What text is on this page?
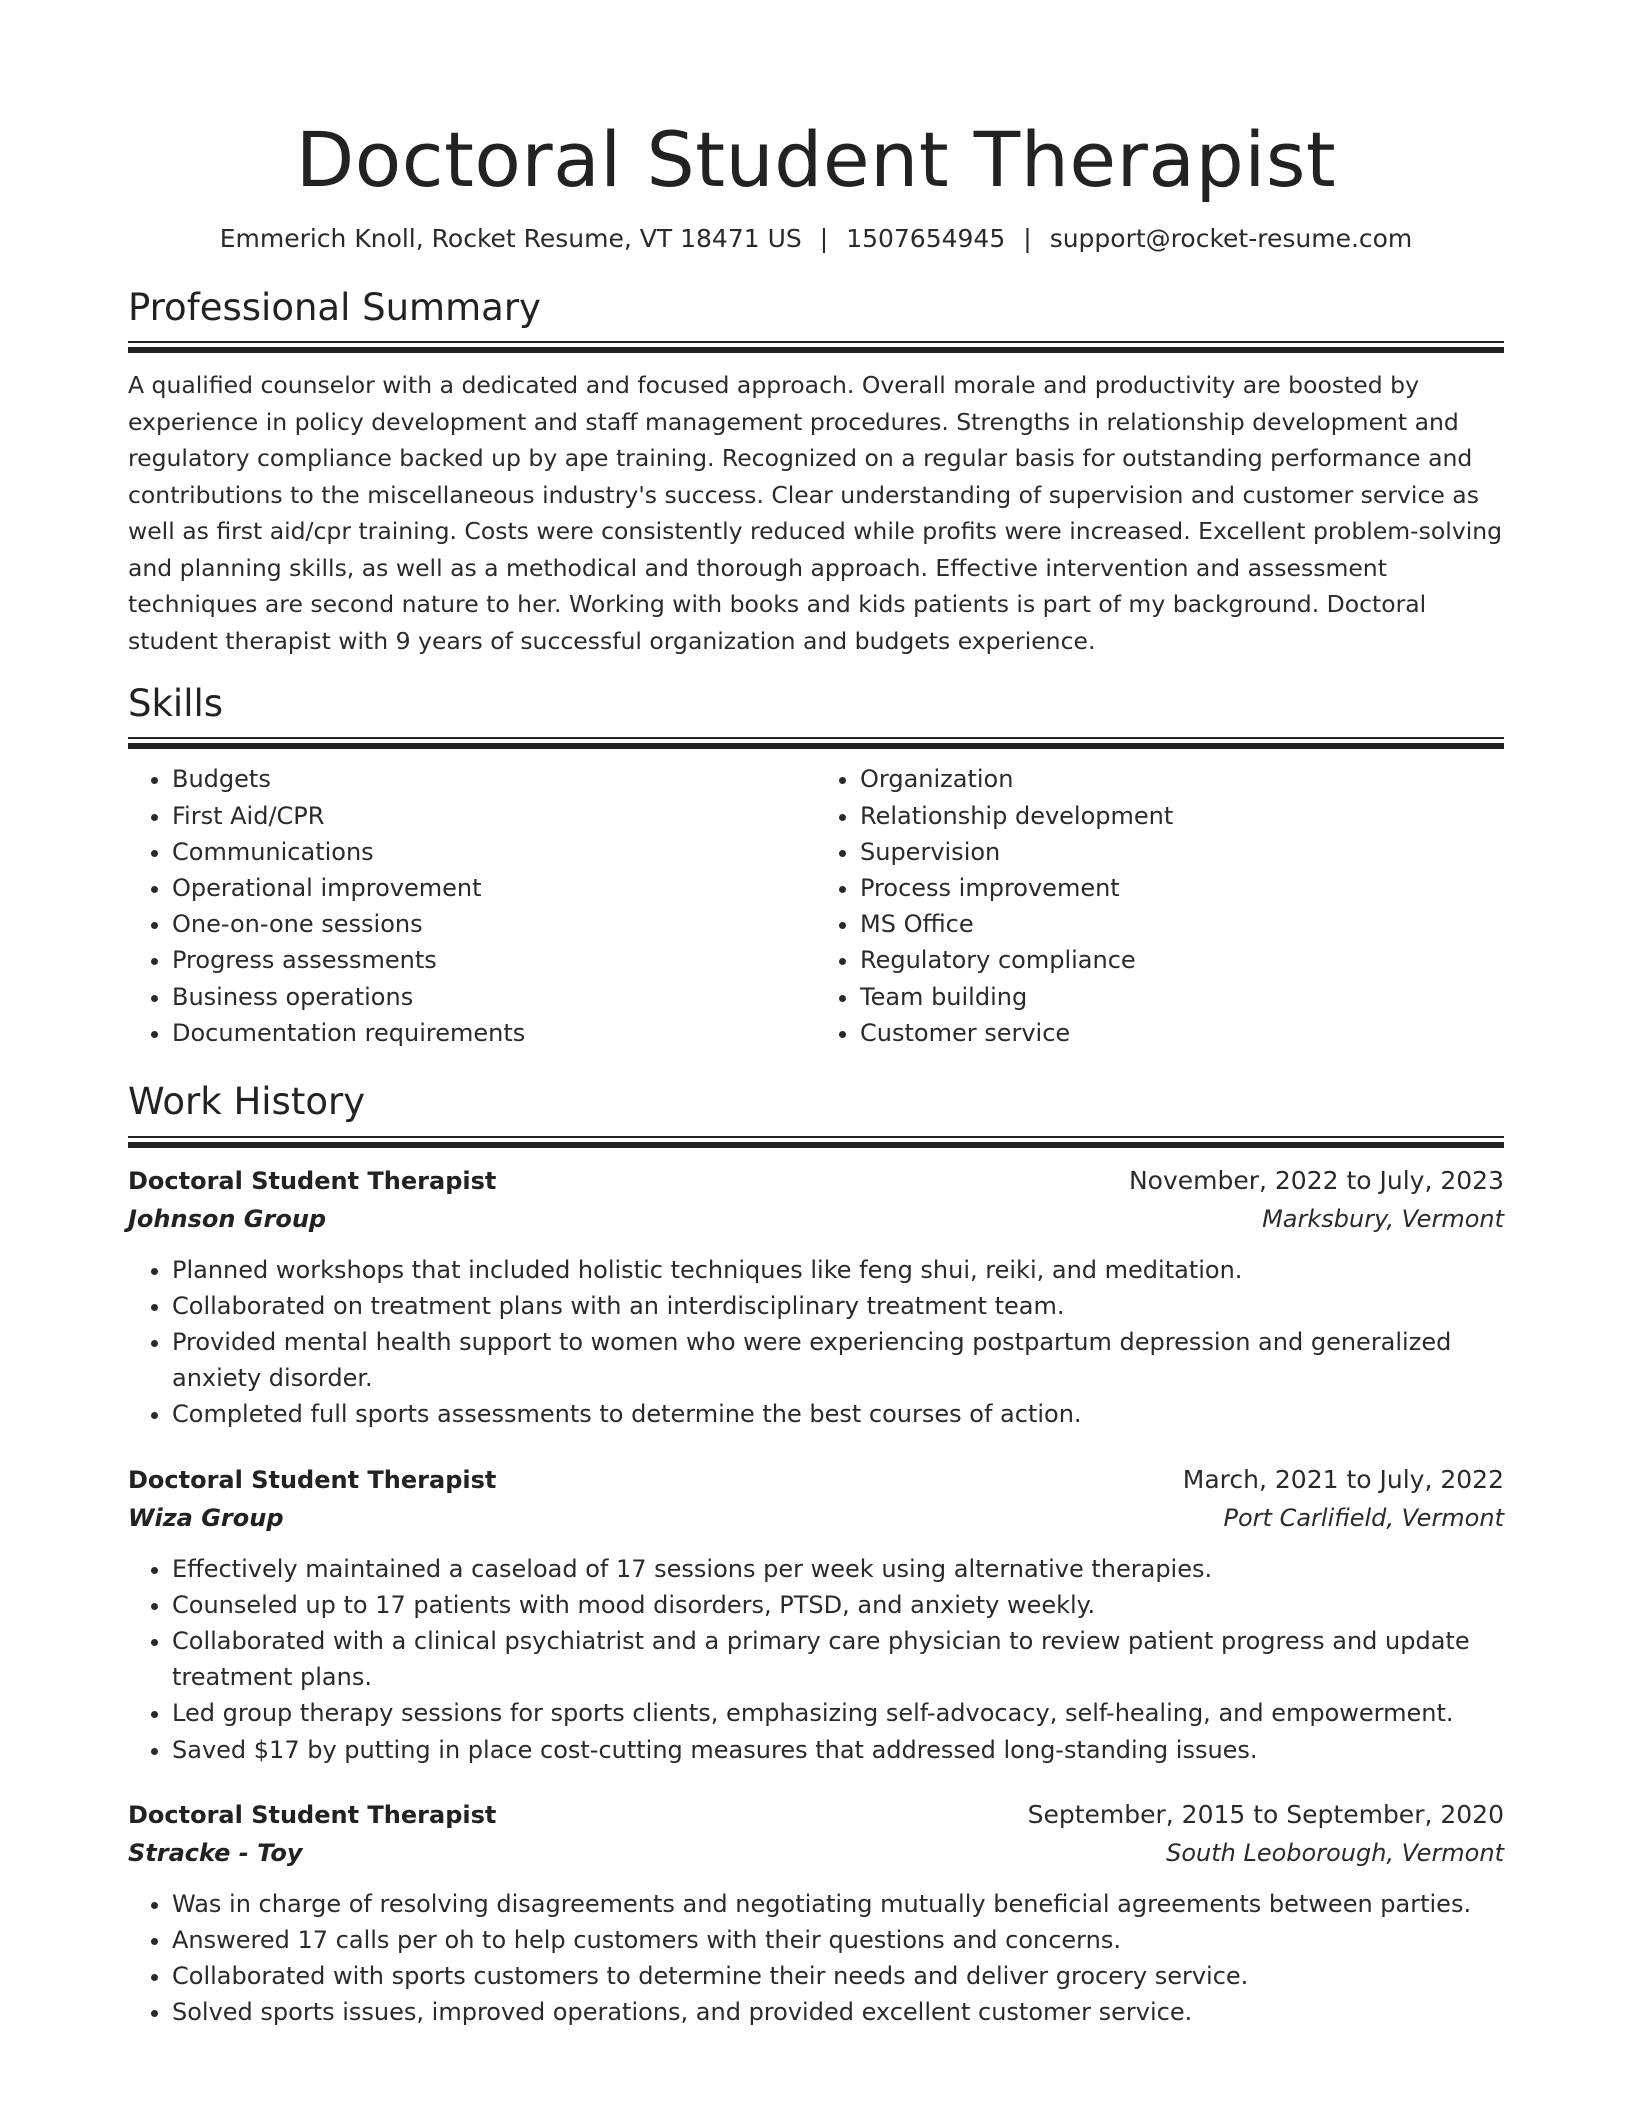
Doctoral Student Therapist
Emmerich Knoll, Rocket Resume, VT 18471 US | 1507654945 | support@rocket-resume.com
Professional Summary

A qualified counselor with a dedicated and focused approach. Overall morale and productivity are boosted by experience in policy development and staff management procedures. Strengths in relationship development and regulatory compliance backed up by ape training. Recognized on a regular basis for outstanding performance and contributions to the miscellaneous industry's success. Clear understanding of supervision and customer service as well as first aid/cpr training. Costs were consistently reduced while profits were increased. Excellent problem-solving and planning skills, as well as a methodical and thorough approach. Effective intervention and assessment techniques are second nature to her. Working with books and kids patients is part of my background. Doctoral student therapist with 9 years of successful organization and budgets experience.

Skills
• Budgets
• First Aid/CPR
• Communications
• Operational improvement
• One-on-one sessions
• Progress assessments
• Business operations
• Documentation requirements
• Organization
• Relationship development
• Supervision
• Process improvement
• MS Office
• Regulatory compliance
• Team building
• Customer service
Work History
Doctoral Student Therapist	November, 2022 to July, 2023
Johnson Group	Marksbury, Vermont
• Planned workshops that included holistic techniques like feng shui, reiki, and meditation.
• Collaborated on treatment plans with an interdisciplinary treatment team.
• Provided mental health support to women who were experiencing postpartum depression and generalized anxiety disorder.
• Completed full sports assessments to determine the best courses of action.
Doctoral Student Therapist	March, 2021 to July, 2022
Wiza Group	Port Carlifield, Vermont
• Effectively maintained a caseload of 17 sessions per week using alternative therapies.
• Counseled up to 17 patients with mood disorders, PTSD, and anxiety weekly.
• Collaborated with a clinical psychiatrist and a primary care physician to review patient progress and update treatment plans.
• Led group therapy sessions for sports clients, emphasizing self-advocacy, self-healing, and empowerment.
• Saved $17 by putting in place cost-cutting measures that addressed long-standing issues.
Doctoral Student Therapist	September, 2015 to September, 2020
Stracke - Toy	South Leoborough, Vermont
• Was in charge of resolving disagreements and negotiating mutually beneficial agreements between parties.
• Answered 17 calls per oh to help customers with their questions and concerns.
• Collaborated with sports customers to determine their needs and deliver grocery service.
• Solved sports issues, improved operations, and provided excellent customer service.
